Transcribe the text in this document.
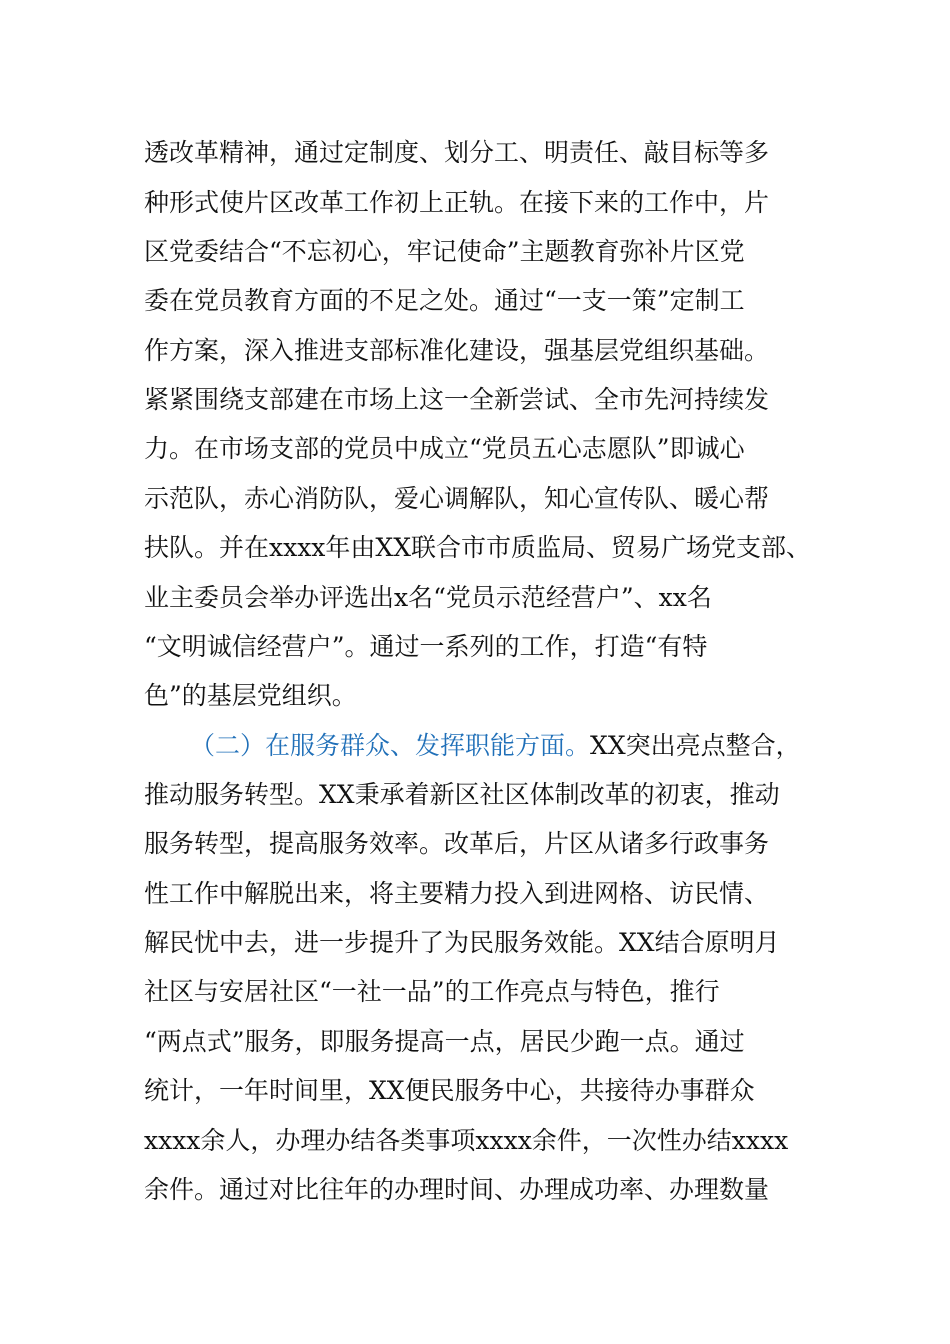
透改革精神，通过定制度、划分工、明责任、敲目标等多
种形式使片区改革工作初上正轨。在接下来的工作中，片
区党委结合“不忘初心，牢记使命”主题教育弥补片区党
委在党员教育方面的不足之处。通过“一支一策”定制工
作方案，深入推进支部标准化建设，强基层党组织基础。
紧紧围绕支部建在市场上这一全新尝试、全市先河持续发
力。在市场支部的党员中成立“党员五心志愿队”即诚心
示范队，赤心消防队，爱心调解队，知心宣传队、暖心帮
扶队。并在xxxx年由XX联合市市质监局、贸易广场党支部、
业主委员会举办评选出x名“党员示范经营户”、xx名
“文明诚信经营户”。通过一系列的工作，打造“有特
色”的基层党组织。
（二）在服务群众、发挥职能方面。XX突出亮点整合，
推动服务转型。XX秉承着新区社区体制改革的初衷，推动
服务转型，提高服务效率。改革后，片区从诸多行政事务
性工作中解脱出来，将主要精力投入到进网格、访民情、
解民忧中去，进一步提升了为民服务效能。XX结合原明月
社区与安居社区“一社一品”的工作亮点与特色，推行
“两点式”服务，即服务提高一点，居民少跑一点。通过
统计，一年时间里，XX便民服务中心，共接待办事群众
xxxx余人，办理办结各类事项xxxx余件，一次性办结xxxx
余件。通过对比往年的办理时间、办理成功率、办理数量
